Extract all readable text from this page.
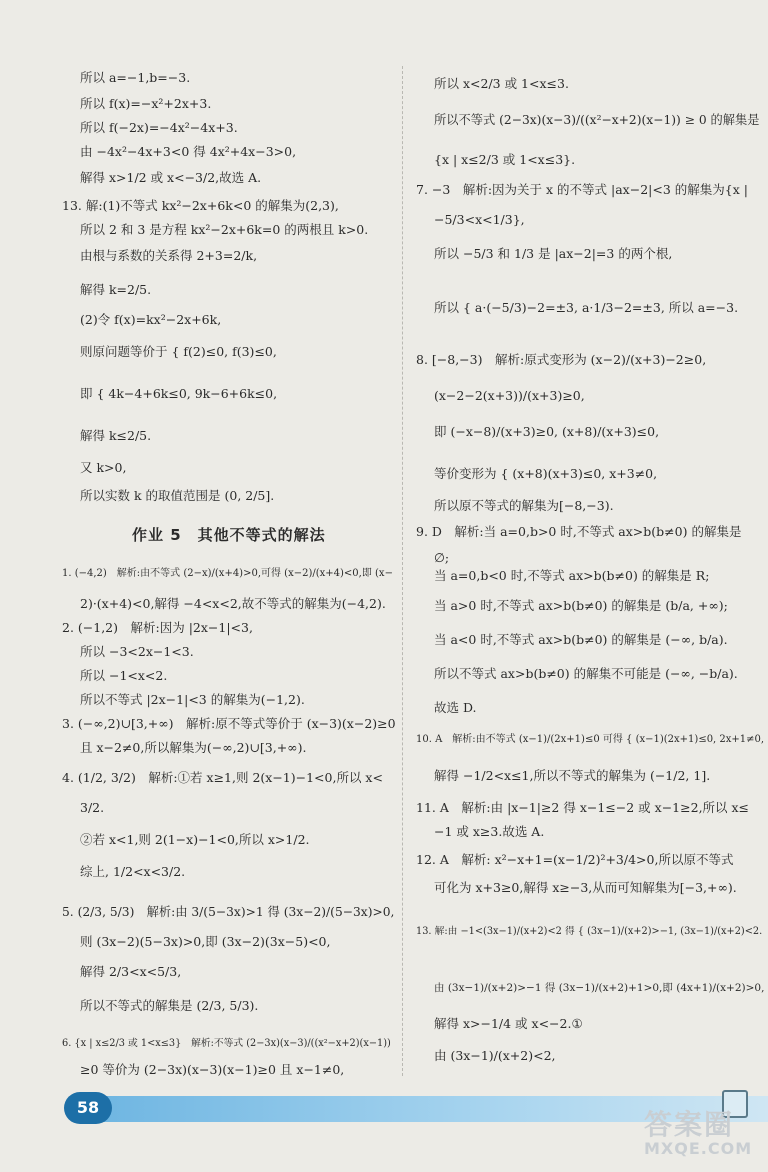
所以 a=−1,b=−3.
所以 f(x)=−x²+2x+3.
所以 f(−2x)=−4x²−4x+3.
由 −4x²−4x+3<0 得 4x²+4x−3>0,
解得 x>1/2 或 x<−3/2,故选 A.
13. 解:(1)不等式 kx²−2x+6k<0 的解集为(2,3),
所以 2 和 3 是方程 kx²−2x+6k=0 的两根且 k>0.
由根与系数的关系得 2+3=2/k,
解得 k=2/5.
(2)令 f(x)=kx²−2x+6k,
则原问题等价于 { f(2)≤0, f(3)≤0,
即 { 4k−4+6k≤0, 9k−6+6k≤0,
解得 k≤2/5.
又 k>0,
所以实数 k 的取值范围是 (0, 2/5].
作业 5　其他不等式的解法
1. (−4,2)　解析:由不等式 (2−x)/(x+4)>0,可得 (x−2)/(x+4)<0,即 (x−
2)·(x+4)<0,解得 −4<x<2,故不等式的解集为(−4,2).
2. (−1,2)　解析:因为 |2x−1|<3,
所以 −3<2x−1<3.
所以 −1<x<2.
所以不等式 |2x−1|<3 的解集为(−1,2).
3. (−∞,2)∪[3,+∞)　解析:原不等式等价于 (x−3)(x−2)≥0
且 x−2≠0,所以解集为(−∞,2)∪[3,+∞).
4. (1/2, 3/2)　解析:①若 x≥1,则 2(x−1)−1<0,所以 x<
3/2.
②若 x<1,则 2(1−x)−1<0,所以 x>1/2.
综上, 1/2<x<3/2.
5. (2/3, 5/3)　解析:由 3/(5−3x)>1 得 (3x−2)/(5−3x)>0,
则 (3x−2)(5−3x)>0,即 (3x−2)(3x−5)<0,
解得 2/3<x<5/3,
所以不等式的解集是 (2/3, 5/3).
6. {x | x≤2/3 或 1<x≤3}　解析:不等式 (2−3x)(x−3)/((x²−x+2)(x−1))
≥0 等价为 (2−3x)(x−3)(x−1)≥0 且 x−1≠0,
所以 x<2/3 或 1<x≤3.
所以不等式 (2−3x)(x−3)/((x²−x+2)(x−1)) ≥ 0 的解集是
{x | x≤2/3 或 1<x≤3}.
7. −3　解析:因为关于 x 的不等式 |ax−2|<3 的解集为{x |
−5/3<x<1/3},
所以 −5/3 和 1/3 是 |ax−2|=3 的两个根,
所以 { a·(−5/3)−2=±3, a·1/3−2=±3, 所以 a=−3.
8. [−8,−3)　解析:原式变形为 (x−2)/(x+3)−2≥0,
(x−2−2(x+3))/(x+3)≥0,
即 (−x−8)/(x+3)≥0, (x+8)/(x+3)≤0,
等价变形为 { (x+8)(x+3)≤0, x+3≠0,
所以原不等式的解集为[−8,−3).
9. D　解析:当 a=0,b>0 时,不等式 ax>b(b≠0) 的解集是
∅;
当 a=0,b<0 时,不等式 ax>b(b≠0) 的解集是 R;
当 a>0 时,不等式 ax>b(b≠0) 的解集是 (b/a, +∞);
当 a<0 时,不等式 ax>b(b≠0) 的解集是 (−∞, b/a).
所以不等式 ax>b(b≠0) 的解集不可能是 (−∞, −b/a).
故选 D.
10. A　解析:由不等式 (x−1)/(2x+1)≤0 可得 { (x−1)(2x+1)≤0, 2x+1≠0,
解得 −1/2<x≤1,所以不等式的解集为 (−1/2, 1].
11. A　解析:由 |x−1|≥2 得 x−1≤−2 或 x−1≥2,所以 x≤
−1 或 x≥3.故选 A.
12. A　解析: x²−x+1=(x−1/2)²+3/4>0,所以原不等式
可化为 x+3≥0,解得 x≥−3,从而可知解集为[−3,+∞).
13. 解:由 −1<(3x−1)/(x+2)<2 得 { (3x−1)/(x+2)>−1, (3x−1)/(x+2)<2.
由 (3x−1)/(x+2)>−1 得 (3x−1)/(x+2)+1>0,即 (4x+1)/(x+2)>0,
解得 x>−1/4 或 x<−2.①
由 (3x−1)/(x+2)<2,
58
答案圈
MXQE.COM
